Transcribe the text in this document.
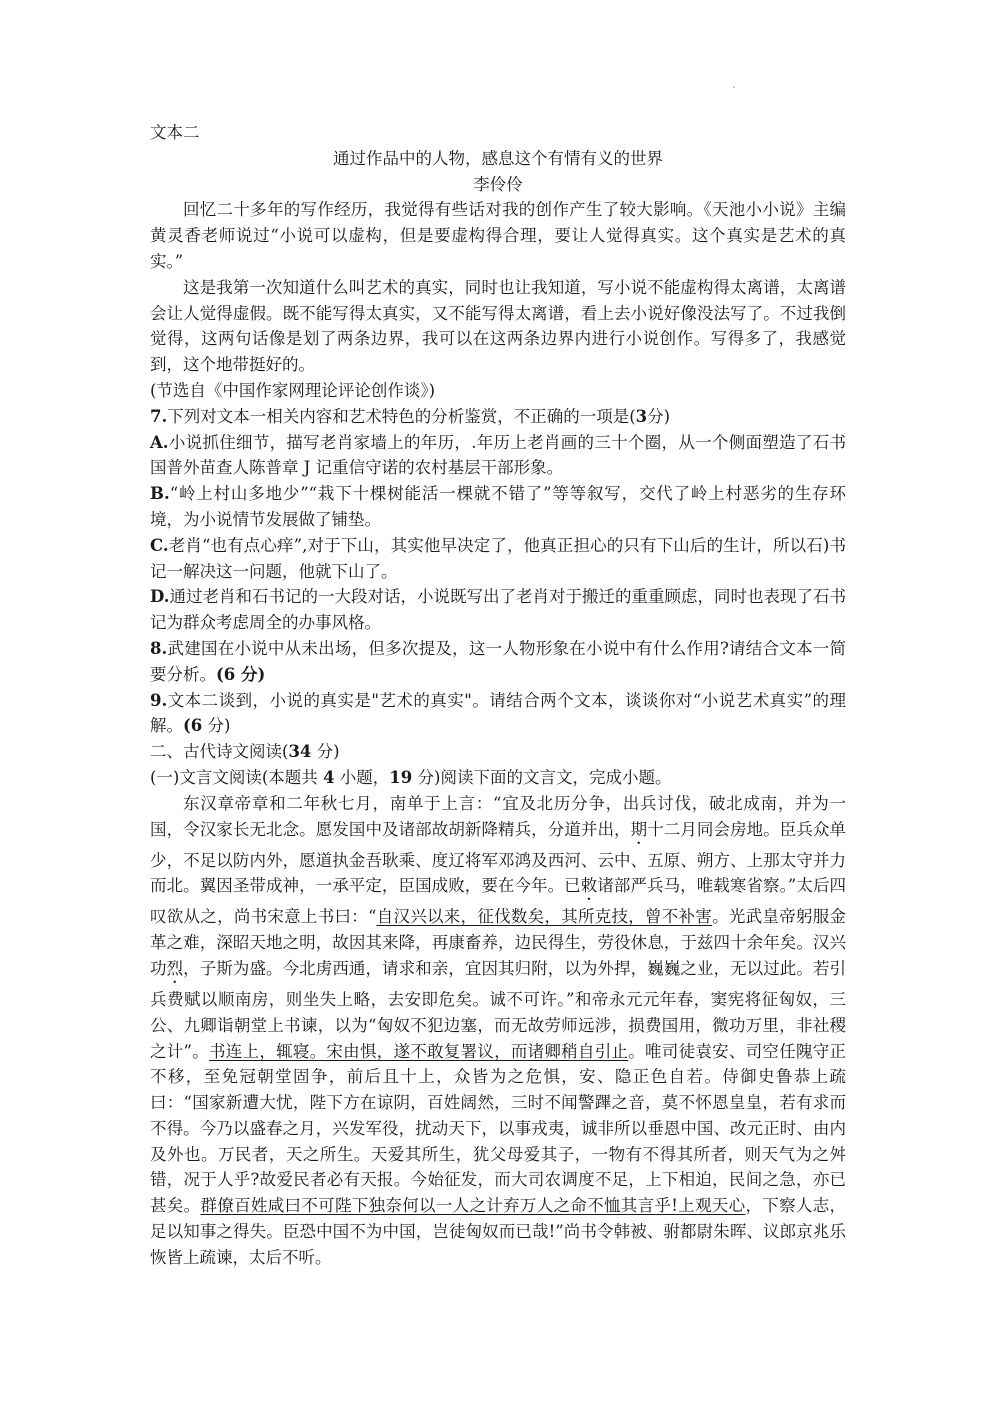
文本二

通过作品中的人物，感息这个有情有义的世界

李伶伶

回忆二十多年的写作经历，我觉得有些话对我的创作产生了较大影响。《天池小小说》主编黄灵香老师说过“小说可以虚构，但是要虚构得合理，要让人觉得真实。这个真实是艺术的真实。”

这是我第一次知道什么叫艺术的真实，同时也让我知道，写小说不能虚构得太离谱，太离谱会让人觉得虚假。既不能写得太真实，又不能写得太离谱，看上去小说好像没法写了。不过我倒觉得，这两句话像是划了两条边界，我可以在这两条边界内进行小说创作。写得多了，我感觉到，这个地带挺好的。

(节选自《中国作家网理论评论创作谈》)

7.下列对文本一相关内容和艺术特色的分析鉴赏，不正确的一项是(3分)

A.小说抓住细节，描写老肖家墙上的年历，.年历上老肖画的三十个圈，从一个侧面塑造了石书国普外苗查人陈普章 J 记重信守诺的农村基层干部形象。

B.“岭上村山多地少”“栽下十棵树能活一棵就不错了”等等叙写，交代了岭上村恶劣的生存环境，为小说情节发展做了铺垫。

C.老肖“也有点心痒”,对于下山，其实他早决定了，他真正担心的只有下山后的生计，所以石)书记一解决这一问题，他就下山了。

D.通过老肖和石书记的一大段对话，小说既写出了老肖对于搬迁的重重顾虑，同时也表现了石书记为群众考虑周全的办事风格。

8.武建国在小说中从未出场，但多次提及，这一人物形象在小说中有什么作用?请结合文本一简要分析。(6 分)

9.文本二谈到，小说的真实是"艺术的真实"。请结合两个文本，谈谈你对“小说艺术真实”的理解。(6 分)

二、古代诗文阅读(34 分)

(一)文言文阅读(本题共 4 小题，19 分)阅读下面的文言文，完成小题。

东汉章帝章和二年秋七月，南单于上言：“宜及北历分争，出兵讨伐，破北成南，并为一国，令汉家长无北念。愿发国中及诸部故胡新降精兵，分道并出，期十二月同会房地。臣兵众单少，不足以防内外，愿道执金吾耿乘、度辽将军邓鸿及西河、云中、五原、朔方、上那太守并力而北。翼因圣带成神，一承平定，臣国成败，要在今年。已敕诸部严兵马，唯载寒省察。”太后四叹欲从之，尚书宋意上书曰：“自汉兴以来，征伐数矣，其所克技，曾不补害。光武皇帝躬服金革之难，深昭天地之明，故因其来降，再康畜养，边民得生，劳役休息，于兹四十余年矣。汉兴功烈，子斯为盛。今北虏西通，请求和亲，宜因其归附，以为外捍，巍巍之业，无以过此。若引兵费赋以顺南房，则坐失上略，去安即危矣。诚不可许。”和帝永元元年春，窦宪将征匈奴，三公、九卿诣朝堂上书谏，以为“匈奴不犯边塞，而无故劳师远涉，损费国用，微功万里，非社稷之计”。书连上，辄寝。宋由惧，遂不敢复署议，而诸卿稍自引止。唯司徒袁安、司空任隗守正不移，至免冠朝堂固争，前后且十上，众皆为之危惧，安、隐正色自若。侍御史鲁恭上疏曰：“国家新遭大忧，陛下方在谅阴，百姓阔然，三时不闻警蹕之音，莫不怀恩皇皇，若有求而不得。今乃以盛春之月，兴发军役，扰动天下，以事戎夷，诚非所以垂恩中国、改元正时、由内及外也。万民者，天之所生。天爱其所生，犹父母爱其子，一物有不得其所者，则天气为之舛错，况于人乎?故爱民者必有天报。今始征发，而大司农调度不足，上下相迫，民间之急，亦已甚矣。群僚百姓咸曰不可陛下独奈何以一人之计弃万人之命不恤其言乎!上观天心，下察人志，足以知事之得失。臣恐中国不为中国，岂徒匈奴而已哉!”尚书令韩被、驸都尉朱晖、议郎京兆乐恢皆上疏谏，太后不听。
